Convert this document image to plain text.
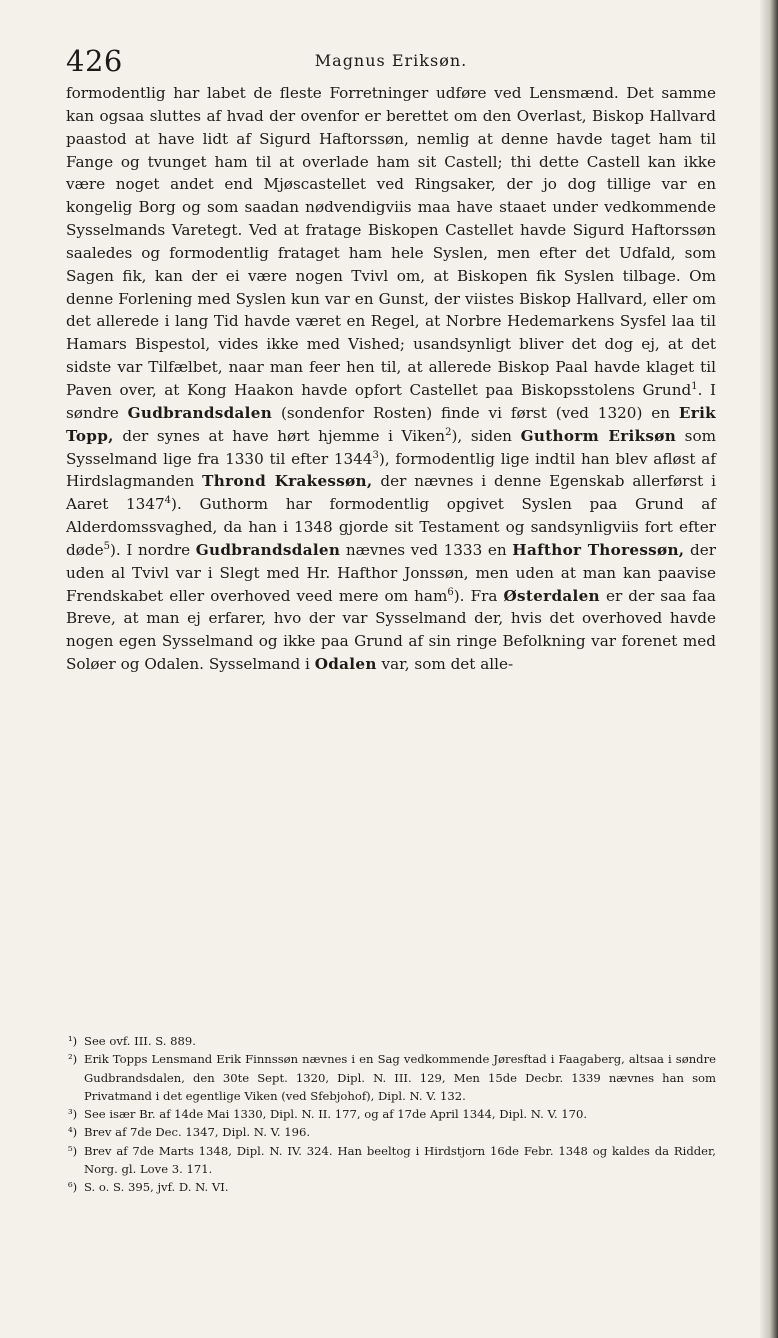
426	Magnus Eriksøn.
formodentlig har labet de fleste Forretninger udføre ved Lensmænd. Det samme kan ogsaa sluttes af hvad der ovenfor er berettet om den Overlast, Biskop Hallvard paastod at have lidt af Sigurd Haftorssøn, nemlig at denne havde taget ham til Fange og tvunget ham til at overlade ham sit Castell; thi dette Castell kan ikke være noget andet end Mjøscastellet ved Ringsaker, der jo dog tillige var en kongelig Borg og som saadan nødvendigviis maa have staaet under vedkommende Sysselmands Varetegt. Ved at fratage Biskopen Castellet havde Sigurd Haftorssøn saaledes og formodentlig frataget ham hele Syslen, men efter det Udfald, som Sagen fik, kan der ei være nogen Tvivl om, at Biskopen fik Syslen tilbage. Om denne Forlening med Syslen kun var en Gunst, der viistes Biskop Hallvard, eller om det allerede i lang Tid havde været en Regel, at Norbre Hedemarkens Sysfel laa til Hamars Bispestol, vides ikke med Vished; usandsynligt bliver det dog ej, at det sidste var Tilfælbet, naar man feer hen til, at allerede Biskop Paal havde klaget til Paven over, at Kong Haakon havde opfort Castellet paa Biskopsstolens Grund$^1$. I søndre Gudbrandsdalen (sondenfor Rosten) finde vi først (ved 1320) en Erik Topp, der synes at have hørt hjemme i Viken$^2$), siden Guthorm Eriksøn som Sysselmand lige fra 1330 til efter 1344$^3$), formodentlig lige indtil han blev afløst af Hirdslagmanden Thrond Krakessøn, der nævnes i denne Egenskab allerførst i Aaret 1347$^4$). Guthorm har formodentlig opgivet Syslen paa Grund af Alderdomssvaghed, da han i 1348 gjorde sit Testament og sandsynligviis fort efter døde$^5$). I nordre Gudbrandsdalen nævnes ved 1333 en Hafthor Thoressøn, der uden al Tvivl var i Slegt med Hr. Hafthor Jonssøn, men uden at man kan paavise Frendskabet eller overhoved veed mere om ham$^6$). Fra Østerdalen er der saa faa Breve, at man ej erfarer, hvo der var Sysselmand der, hvis det overhoved havde nogen egen Sysselmand og ikke paa Grund af sin ringe Befolkning var forenet med Soløer og Odalen. Sysselmand i Odalen var, som det alle-
¹) See ovf. III. S. 889.
²) Erik Topps Lensmand Erik Finnssøn nævnes i en Sag vedkommende Jøresftad i Faagaberg, altsaa i søndre Gudbrandsdalen, den 30te Sept. 1320, Dipl. N. III. 129, Men 15de Decbr. 1339 nævnes han som Privatmand i det egentlige Viken (ved Sfebjohof), Dipl. N. V. 132.
³) See især Br. af 14de Mai 1330, Dipl. N. II. 177, og af 17de April 1344, Dipl. N. V. 170.
⁴) Brev af 7de Dec. 1347, Dipl. N. V. 196.
⁵) Brev af 7de Marts 1348, Dipl. N. IV. 324. Han beeltog i Hirdstjorn 16de Febr. 1348 og kaldes da Ridder, Norg. gl. Love 3. 171.
⁶) S. o. S. 395, jvf. D. N. VI.
